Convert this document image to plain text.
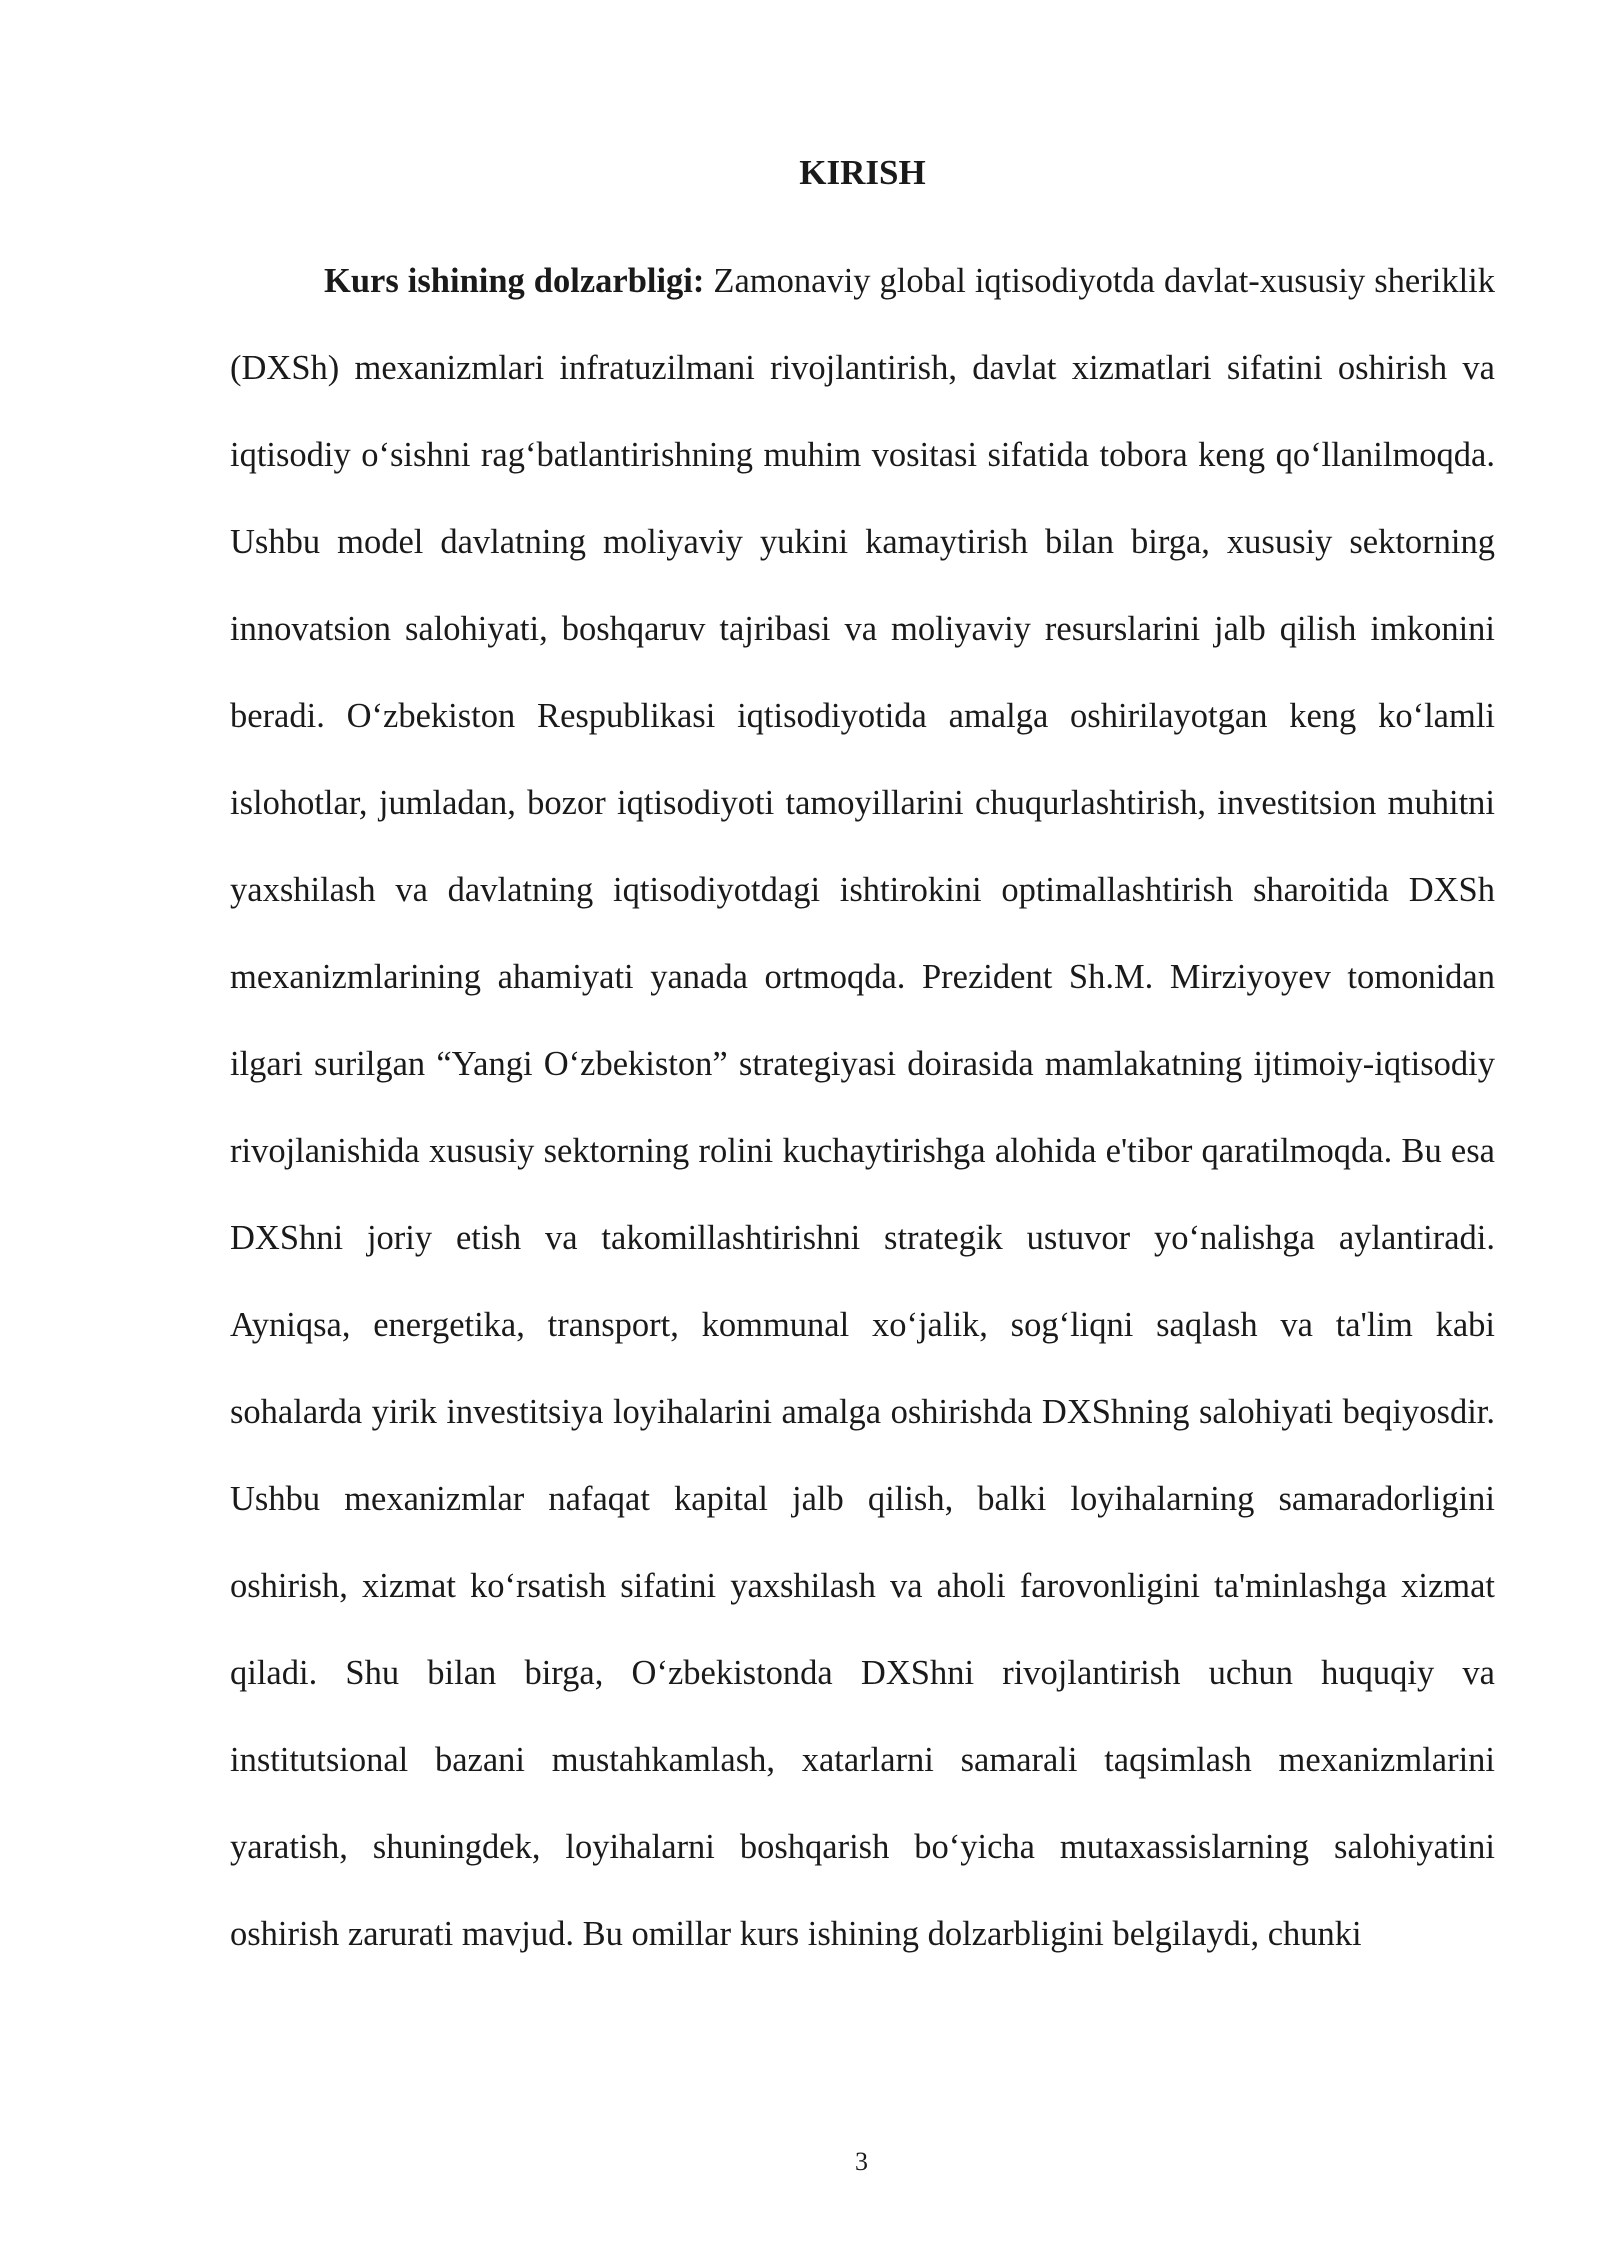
KIRISH

Kurs ishining dolzarbligi: Zamonaviy global iqtisodiyotda davlat-xususiy sheriklik (DXSh) mexanizmlari infratuzilmani rivojlantirish, davlat xizmatlari sifatini oshirish va iqtisodiy o‘sishni rag‘batlantirishning muhim vositasi sifatida tobora keng qo‘llanilmoqda. Ushbu model davlatning moliyaviy yukini kamaytirish bilan birga, xususiy sektorning innovatsion salohiyati, boshqaruv tajribasi va moliyaviy resurslarini jalb qilish imkonini beradi. O‘zbekiston Respublikasi iqtisodiyotida amalga oshirilayotgan keng ko‘lamli islohotlar, jumladan, bozor iqtisodiyoti tamoyillarini chuqurlashtirish, investitsion muhitni yaxshilash va davlatning iqtisodiyotdagi ishtirokini optimallashtirish sharoitida DXSh mexanizmlarining ahamiyati yanada ortmoqda. Prezident Sh.M. Mirziyoyev tomonidan ilgari surilgan “Yangi O‘zbekiston” strategiyasi doirasida mamlakatning ijtimoiy-iqtisodiy rivojlanishida xususiy sektorning rolini kuchaytirishga alohida e'tibor qaratilmoqda. Bu esa DXShni joriy etish va takomillashtirishni strategik ustuvor yo‘nalishga aylantiradi. Ayniqsa, energetika, transport, kommunal xo‘jalik, sog‘liqni saqlash va ta'lim kabi sohalarda yirik investitsiya loyihalarini amalga oshirishda DXShning salohiyati beqiyosdir. Ushbu mexanizmlar nafaqat kapital jalb qilish, balki loyihalarning samaradorligini oshirish, xizmat ko‘rsatish sifatini yaxshilash va aholi farovonligini ta'minlashga xizmat qiladi. Shu bilan birga, O‘zbekistonda DXShni rivojlantirish uchun huquqiy va institutsional bazani mustahkamlash, xatarlarni samarali taqsimlash mexanizmlarini yaratish, shuningdek, loyihalarni boshqarish bo‘yicha mutaxassislarning salohiyatini oshirish zarurati mavjud. Bu omillar kurs ishining dolzarbligini belgilaydi, chunki

3
